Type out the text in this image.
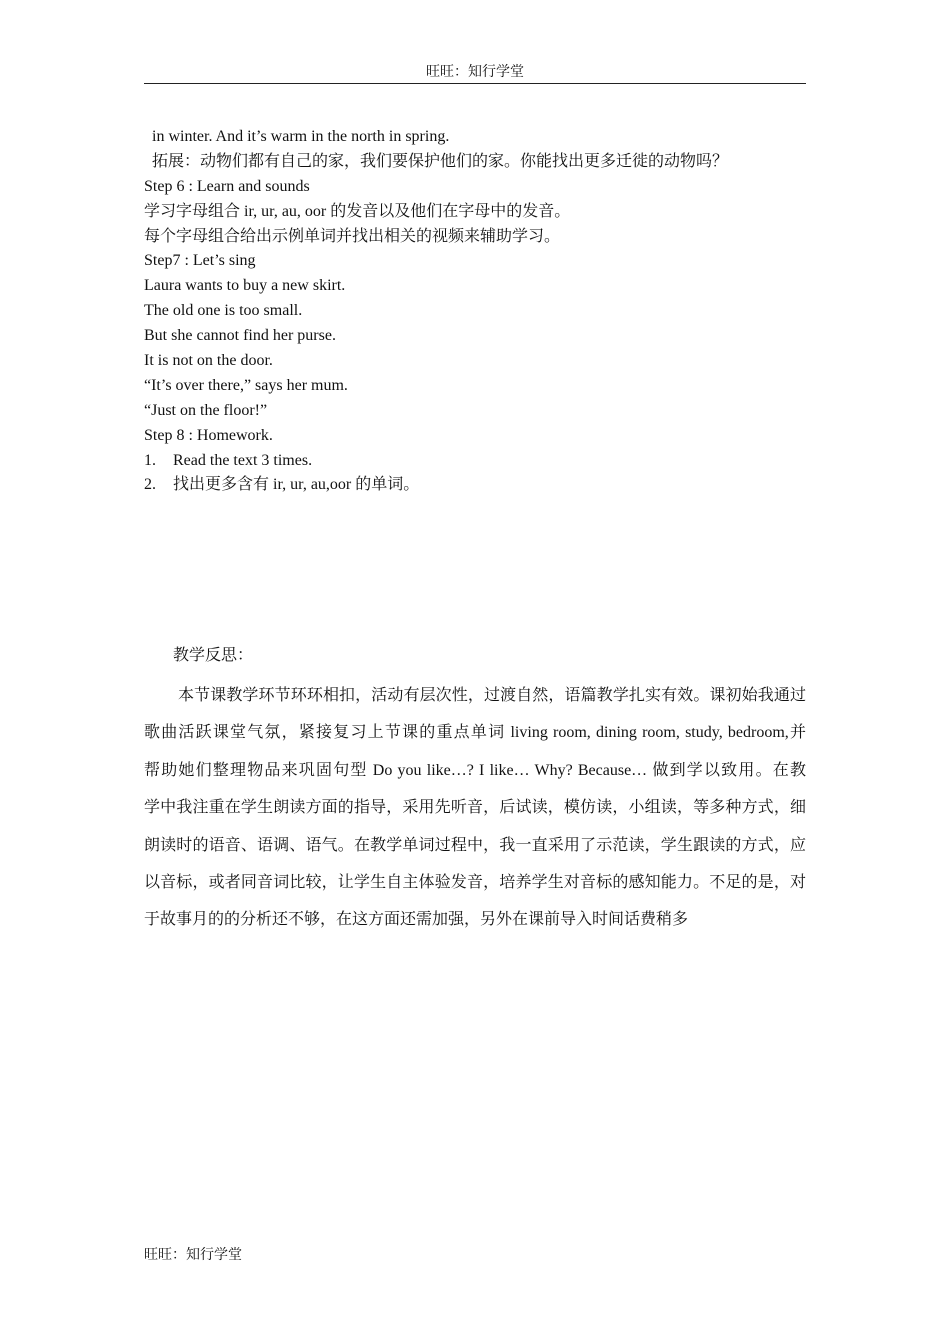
旺旺：知行学堂
in winter. And it’s warm in the north in spring.
拓展：动物们都有自己的家，我们要保护他们的家。你能找出更多迁徙的动物吗？
Step 6 : Learn and sounds
学习字母组合 ir, ur, au, oor 的发音以及他们在字母中的发音。
每个字母组合给出示例单词并找出相关的视频来辅助学习。
Step7 : Let’s sing
Laura wants to buy a new skirt.
The old one is too small.
But she cannot find her purse.
It is not on the door.
“It’s over there,” says her mum.
“Just on the floor!”
Step 8 : Homework.
1.	Read the text 3 times.
2.	找出更多含有 ir, ur, au,oor 的单词。
教学反思：
本节课教学环节环环相扣，活动有层次性，过渡自然，语篇教学扎实有效。课初始我通过
歌曲活跃课堂气氛，紧接复习上节课的重点单词 living room, dining room, study, bedroom,并
帮助她们整理物品来巩固句型 Do you like…? I like… Why? Because… 做到学以致用。在教
学中我注重在学生朗读方面的指导，采用先听音，后试读，模仿读，小组读，等多种方式，细
朗读时的语音、语调、语气。在教学单词过程中，我一直采用了示范读，学生跟读的方式，应
以音标，或者同音词比较，让学生自主体验发音，培养学生对音标的感知能力。不足的是，对
于故事月的的分析还不够，在这方面还需加强，另外在课前导入时间话费稍多
旺旺：知行学堂
